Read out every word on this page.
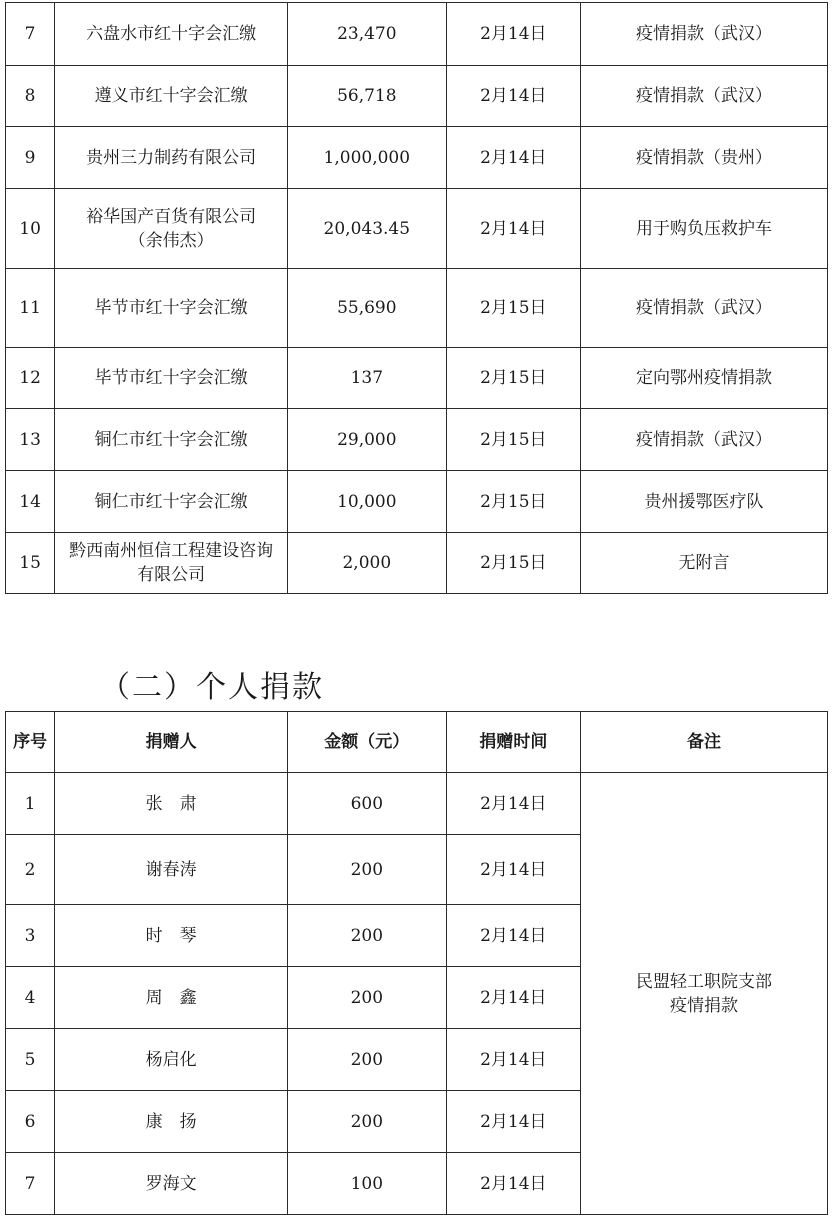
7	六盘水市红十字会汇缴	23,470	2月14日	疫情捐款（武汉）
8	遵义市红十字会汇缴	56,718	2月14日	疫情捐款（武汉）
9	贵州三力制药有限公司	1,000,000	2月14日	疫情捐款（贵州）
10	裕华国产百货有限公司
（余伟杰）	20,043.45	2月14日	用于购负压救护车
11	毕节市红十字会汇缴	55,690	2月15日	疫情捐款（武汉）
12	毕节市红十字会汇缴	137	2月15日	定向鄂州疫情捐款
13	铜仁市红十字会汇缴	29,000	2月15日	疫情捐款（武汉）
14	铜仁市红十字会汇缴	10,000	2月15日	贵州援鄂医疗队
15	黔西南州恒信工程建设咨询
有限公司	2,000	2月15日	无附言
（二）个人捐款
序号	捐赠人	金额（元）	捐赠时间	备注
1	张　肃	600	2月14日	民盟轻工职院支部
疫情捐款

2	谢春涛	200	2月14日	
3	时　琴	200	2月14日	
4	周　鑫	200	2月14日	
5	杨启化	200	2月14日	
6	康　扬	200	2月14日	
7	罗海文	100	2月14日	
